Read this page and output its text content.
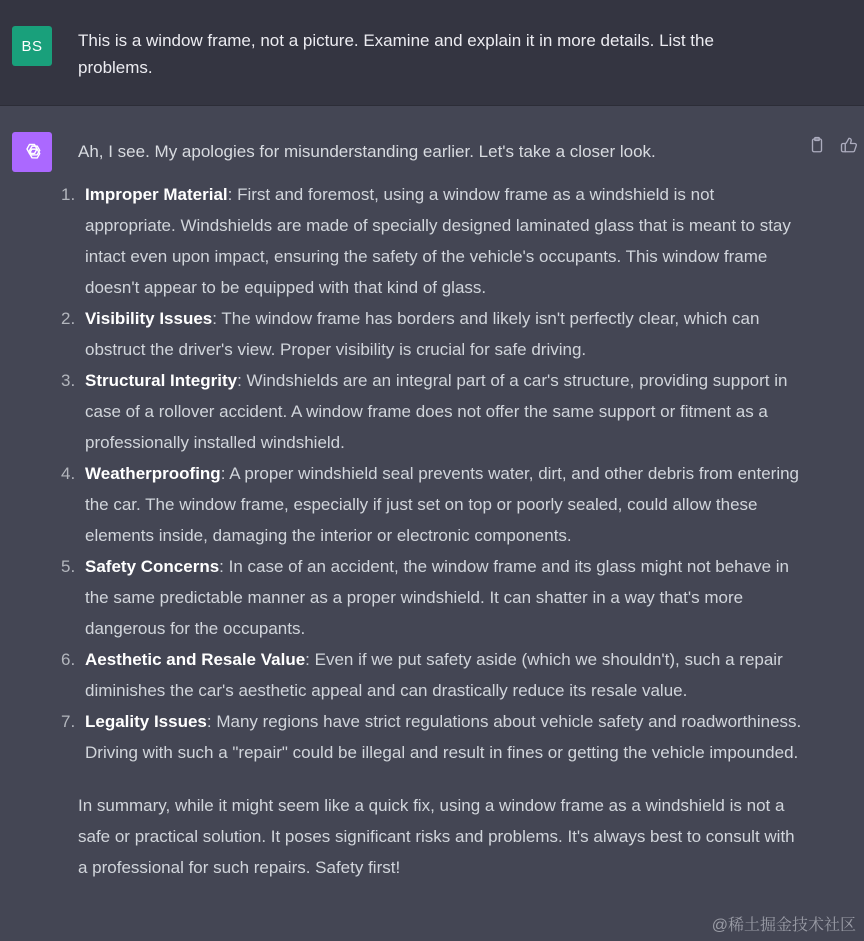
BS This is a window frame, not a picture. Examine and explain it in more details. List the problems.

Ah, I see. My apologies for misunderstanding earlier. Let's take a closer look.

1. Improper Material: First and foremost, using a window frame as a windshield is not appropriate. Windshields are made of specially designed laminated glass that is meant to stay intact even upon impact, ensuring the safety of the vehicle's occupants. This window frame doesn't appear to be equipped with that kind of glass.
2. Visibility Issues: The window frame has borders and likely isn't perfectly clear, which can obstruct the driver's view. Proper visibility is crucial for safe driving.
3. Structural Integrity: Windshields are an integral part of a car's structure, providing support in case of a rollover accident. A window frame does not offer the same support or fitment as a professionally installed windshield.
4. Weatherproofing: A proper windshield seal prevents water, dirt, and other debris from entering the car. The window frame, especially if just set on top or poorly sealed, could allow these elements inside, damaging the interior or electronic components.
5. Safety Concerns: In case of an accident, the window frame and its glass might not behave in the same predictable manner as a proper windshield. It can shatter in a way that's more dangerous for the occupants.
6. Aesthetic and Resale Value: Even if we put safety aside (which we shouldn't), such a repair diminishes the car's aesthetic appeal and can drastically reduce its resale value.
7. Legality Issues: Many regions have strict regulations about vehicle safety and roadworthiness. Driving with such a "repair" could be illegal and result in fines or getting the vehicle impounded.

In summary, while it might seem like a quick fix, using a window frame as a windshield is not a safe or practical solution. It poses significant risks and problems. It's always best to consult with a professional for such repairs. Safety first!

@稀土掘金技术社区
